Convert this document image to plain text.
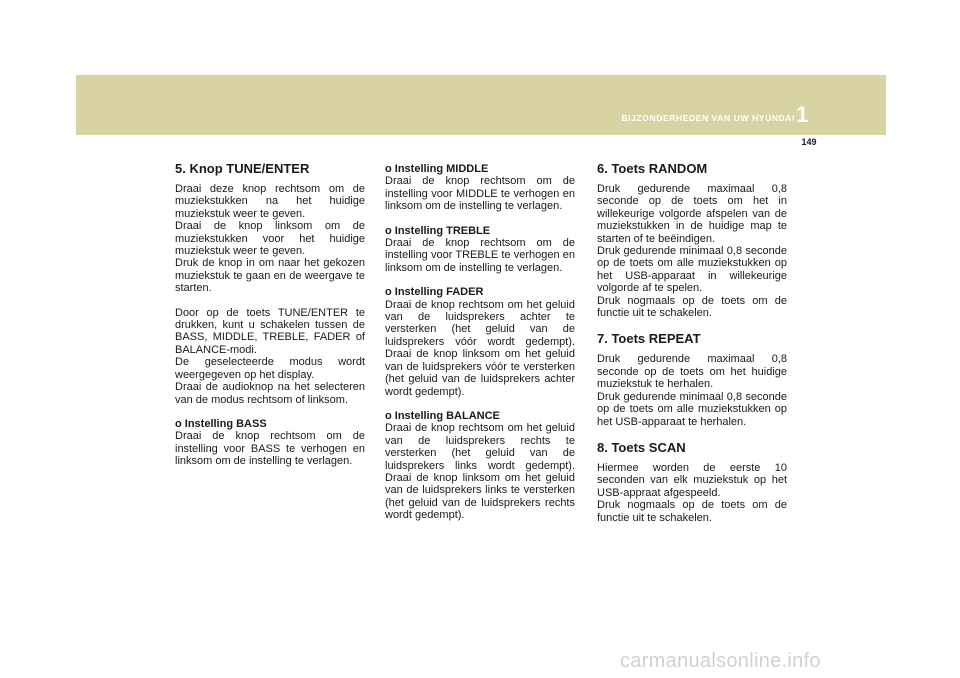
BIJZONDERHEDEN VAN UW HYUNDAI 1
149
5. Knop TUNE/ENTER
Draai deze knop rechtsom om de muziekstukken na het huidige muziekstuk weer te geven.
Draai de knop linksom om de muziekstukken voor het huidige muziekstuk weer te geven.
Druk de knop in om naar het gekozen muziekstuk te gaan en de weergave te starten.
Door op de toets TUNE/ENTER te drukken, kunt u schakelen tussen de BASS, MIDDLE, TREBLE, FADER of BALANCE-modi.
De geselecteerde modus wordt weergegeven op het display.
Draai de audioknop na het selecteren van de modus rechtsom of linksom.
o Instelling BASS
Draai de knop rechtsom om de instelling voor BASS te verhogen en linksom om de instelling te verlagen.
o Instelling MIDDLE
Draai de knop rechtsom om de instelling voor MIDDLE te verhogen en linksom om de instelling te verlagen.
o Instelling TREBLE
Draai de knop rechtsom om de instelling voor TREBLE te verhogen en linksom om de instelling te verlagen.
o Instelling FADER
Draai de knop rechtsom om het geluid van de luidsprekers achter te versterken (het geluid van de luidsprekers vóór wordt gedempt). Draai de knop linksom om het geluid van de luidsprekers vóór te versterken (het geluid van de luidsprekers achter wordt gedempt).
o Instelling BALANCE
Draai de knop rechtsom om het geluid van de luidsprekers rechts te versterken (het geluid van de luidsprekers links wordt gedempt). Draai de knop linksom om het geluid van de luidsprekers links te versterken (het geluid van de luidsprekers rechts wordt gedempt).
6. Toets RANDOM
Druk gedurende maximaal 0,8 seconde op de toets om het in willekeurige volgorde afspelen van de muziekstukken in de huidige map te starten of te beëindigen.
Druk gedurende minimaal 0,8 seconde op de toets om alle muziekstukken op het USB-apparaat in willekeurige volgorde af te spelen.
Druk nogmaals op de toets om de functie uit te schakelen.
7. Toets REPEAT
Druk gedurende maximaal 0,8 seconde op de toets om het huidige muziekstuk te herhalen.
Druk gedurende minimaal 0,8 seconde op de toets om alle muziekstukken op het USB-apparaat te herhalen.
8. Toets SCAN
Hiermee worden de eerste 10 seconden van elk muziekstuk op het USB-appraat afgespeeld.
Druk nogmaals op de toets om de functie uit te schakelen.
carmanualsonline.info
